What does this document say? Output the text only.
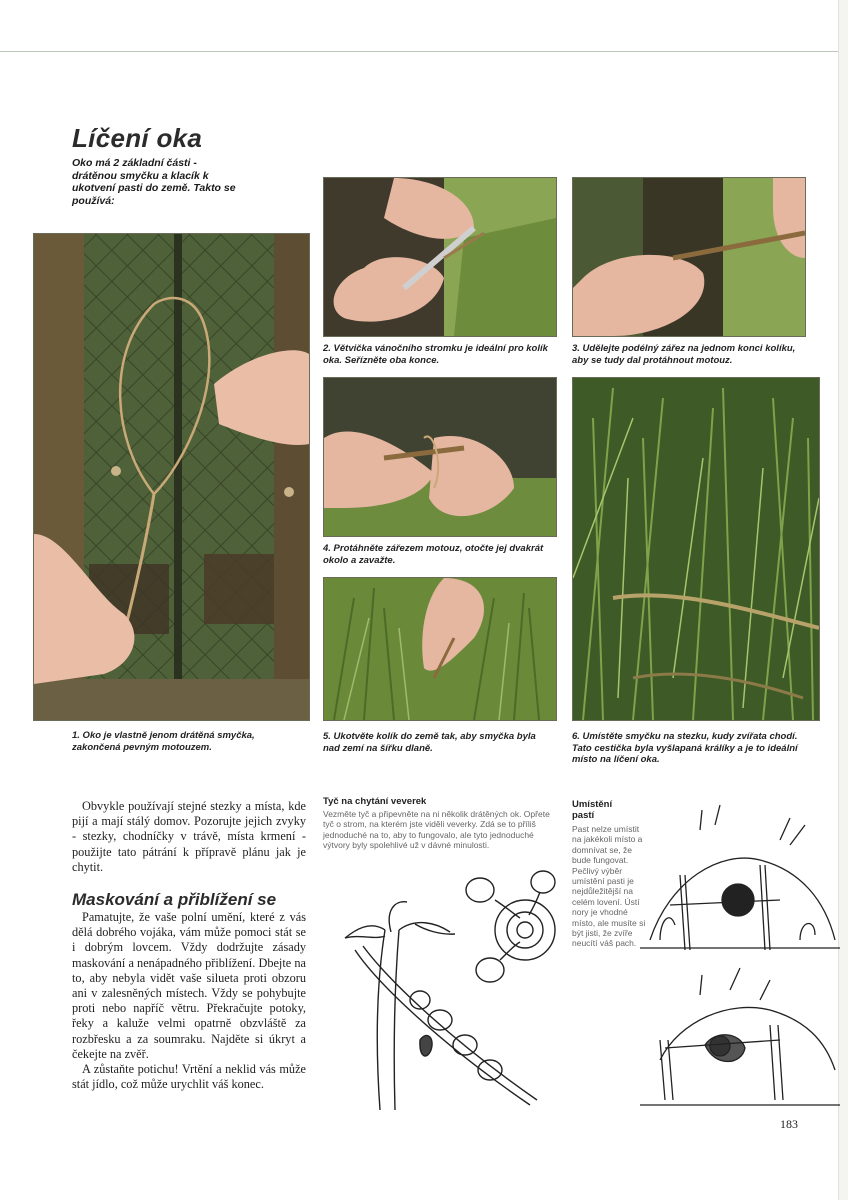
Líčení oka
Oko má 2 základní části - drátěnou smyčku a klacík k ukotvení pasti do země. Takto se používá:
1. Oko je vlastně jenom drátěná smyčka, zakončená pevným motouzem.
2. Větvička vánočního stromku je ideální pro kolík oka. Seřízněte oba konce.
3. Udělejte podélný zářez na jednom konci kolíku, aby se tudy dal protáhnout motouz.
4. Protáhněte zářezem motouz, otočte jej dvakrát okolo a zavažte.
5. Ukotvěte kolík do země tak, aby smyčka byla nad zemí na šířku dlaně.
6. Umístěte smyčku na stezku, kudy zvířata chodí. Tato cestička byla vyšlapaná králíky a je to ideální místo na líčení oka.

Obvykle používají stejné stezky a místa, kde pijí a mají stálý domov. Pozorujte jejich zvyky - stezky, chodníčky v trávě, místa krmení - použijte tato pátrání k přípravě plánu jak je chytit.

Maskování a přiblížení se

Pamatujte, že vaše polní umění, které z vás dělá dobrého vojáka, vám může pomoci stát se i dobrým lovcem. Vždy dodržujte zásady maskování a nenápadného přiblížení. Dbejte na to, aby nebyla vidět vaše silueta proti obzoru ani v zalesněných místech. Vždy se pohybujte proti nebo napříč větru. Překračujte potoky, řeky a kaluže velmi opatrně obzvláště za rozbřesku a za soumraku. Najděte si úkryt a čekejte na zvěř.

A zůstaňte potichu! Vrtění a neklid vás může stát jídlo, což může urychlit váš konec.

Tyč na chytání veverek
Vezměte tyč a připevněte na ni několik drátěných ok. Opřete tyč o strom, na kterém jste viděli veverky. Zdá se to příliš jednoduché na to, aby to fungovalo, ale tyto jednoduché výtvory byly spolehlivé už v dávné minulosti.
Umístění pastí
Past nelze umístit na jakékoli místo a domnívat se, že bude fungovat. Pečlivý výběr umístění pasti je nejdůležitější na celém lovení. Ústí nory je vhodné místo, ale musíte si být jisti, že zvíře neucítí váš pach.
183
